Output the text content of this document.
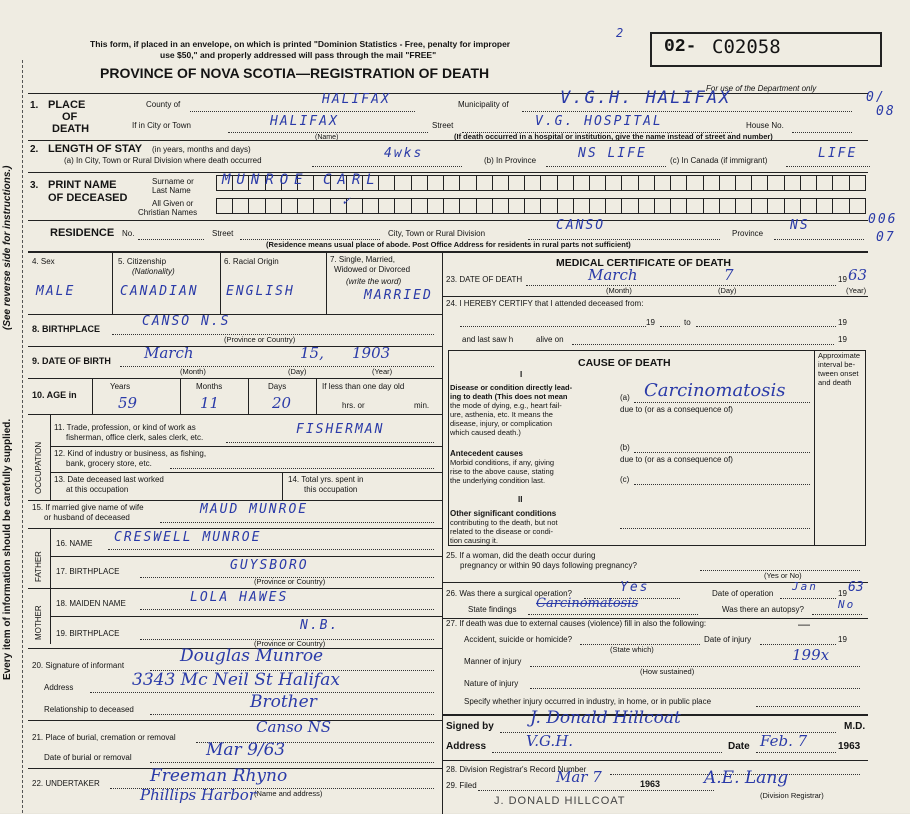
Every item of information should be carefully supplied.
(See reverse side for instructions.)
This form, if placed in an envelope, on which is printed "Dominion Statistics - Free, penalty for improper
use $50," and properly addressed will pass through the mail "FREE"
PROVINCE OF NOVA SCOTIA—REGISTRATION OF DEATH
02- C02058
2
For use of the Department only
0/
08
006
07
1. PLACE
OF
DEATH
County of	HALIFAX	Municipality of	V.G.H. HALIFAX
If in City or Town	HALIFAX
(Name)
Street	V.G. HOSPITAL	House No.
(If death occurred in a hospital or institution, give the name instead of street and number)
2. LENGTH OF STAY (in years, months and days)
(a) In City, Town or Rural Division where death occurred	4wks	(b) In Province	NS LIFE	(c) In Canada (if immigrant)	LIFE
3. PRINT NAME
OF DECEASED
Surname or
Last Name
MUNROE CARL
All Given or
Christian Names
✓
RESIDENCE No.	Street	City, Town or Rural Division
CANSO
Province
NS
(Residence means usual place of abode. Post Office Address for residents in rural parts not sufficient)
4. Sex
MALE
5. Citizenship
(Nationality)
CANADIAN
6. Racial Origin
ENGLISH
7. Single, Married,
Widowed or Divorced
(write the word)
MARRIED
8. BIRTHPLACE	CANSO N.S
(Province or Country)
9. DATE OF BIRTH March	15, 1903
(Month)	(Day)	(Year)
10. AGE in
Years	Months	Days
59	11	20
If less than one day old
hrs. or	min.
OCCUPATION
11. Trade, profession, or kind of work as
fisherman, office clerk, sales clerk, etc.
FISHERMAN
12. Kind of industry or business, as fishing,
bank, grocery store, etc.
13. Date deceased last worked
at this occupation
14. Total yrs. spent in
this occupation
15. If married give name of wife
or husband of deceased
MAUD MUNROE
FATHER
16. NAME CRESWELL MUNROE
17. BIRTHPLACE	GUYSBORO
(Province or Country)
MOTHER
18. MAIDEN NAME	LOLA HAWES
19. BIRTHPLACE
N.B.
(Province or Country)
20. Signature of informant	Douglas Munroe
Address	3343 Mc Neil St Halifax
Relationship to deceased	Brother
21. Place of burial, cremation or removal
Canso NS
Date of burial or removal	Mar 9/63
22. UNDERTAKER	Freeman Rhyno
(Name and address)
Phillips Harbor
MEDICAL CERTIFICATE OF DEATH
23. DATE OF DEATH	March	7	19 63
(Month)	(Day)	(Year)
24. I HEREBY CERTIFY that I attended deceased from:
19	to	19
and last saw h	alive on	19
CAUSE OF DEATH
Approximate
interval be-
tween onset
and death
I
Disease or condition directly lead-
ing to death (This does not mean
the mode of dying, e.g., heart fail-
ure, asthenia, etc. It means the
disease, injury, or complication
which caused death.)
(a) Carcinomatosis
due to (or as a consequence of)
Antecedent causes
Morbid conditions, if any, giving
rise to the above cause, stating
the underlying condition last.
(b)
due to (or as a consequence of)
(c)
II
Other significant conditions
contributing to the death, but not
related to the disease or condi-
tion causing it.
25. If a woman, did the death occur during
pregnancy or within 90 days following pregnancy?
(Yes or No)
26. Was there a surgical operation?	Yes	Date of operation
Jan
19 63
State findings Carcinomatosis	Was there an autopsy?	No
27. If death was due to external causes (violence) fill in also the following:	—
Accident, suicide or homicide?	Date of injury	19
(State which)
Manner of injury	199x
(How sustained)
Nature of injury
Specify whether injury occurred in industry, in home, or in public place
Signed by J. Donald Hillcoat	M.D.
Address	V.G.H.	Date Feb. 7	1963
28. Division Registrar's Record Number
29. Filed	Mar 7	1963	A.E. Lang
(Division Registrar)
J. DONALD HILLCOAT
